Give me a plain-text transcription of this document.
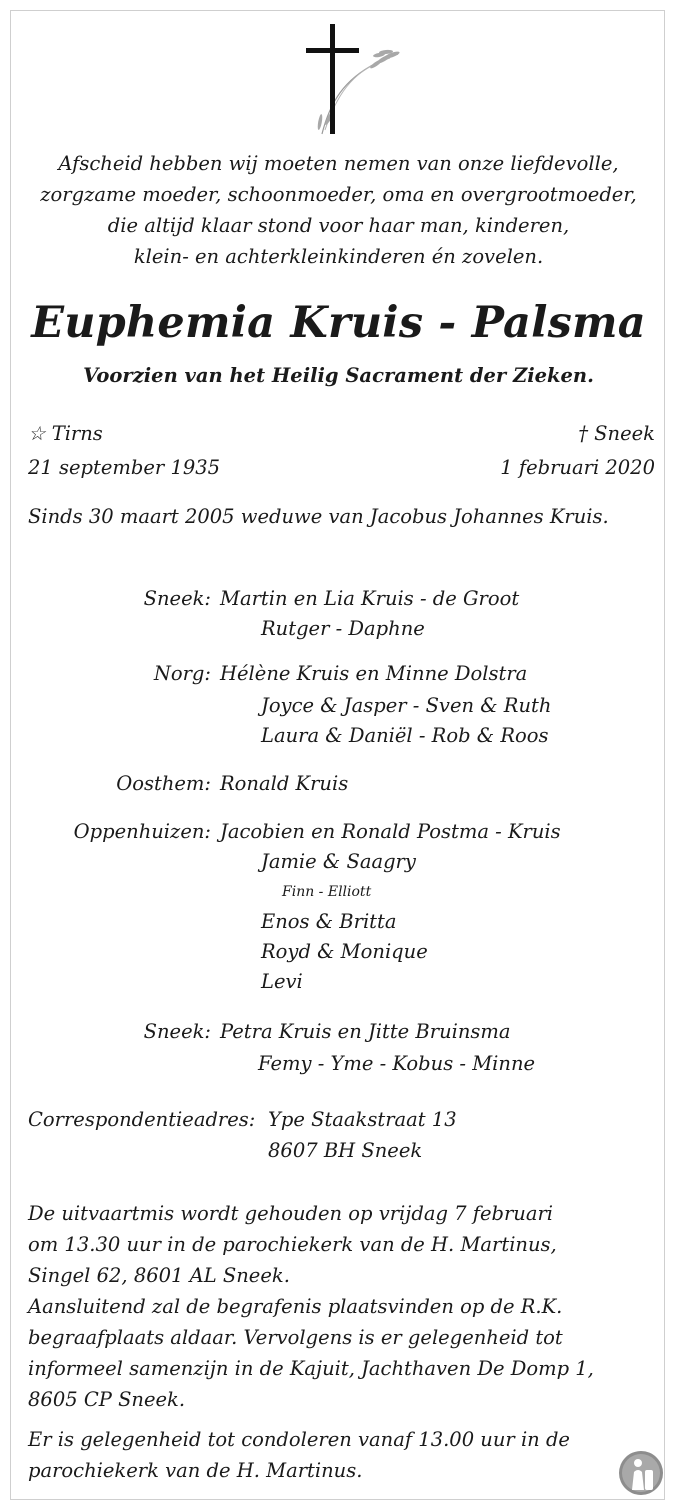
Afscheid hebben wij moeten nemen van onze liefdevolle,
zorgzame moeder, schoonmoeder, oma en overgrootmoeder,
die altijd klaar stond voor haar man, kinderen,
klein- en achterkleinkinderen én zovelen.
Euphemia Kruis - Palsma
Voorzien van het Heilig Sacrament der Zieken.
☆ Tirns
21 september 1935
† Sneek
1 februari 2020
Sinds 30 maart 2005 weduwe van Jacobus Johannes Kruis.
Sneek: Martin en Lia Kruis - de Groot
Rutger - Daphne
Norg: Hélène Kruis en Minne Dolstra
Joyce & Jasper - Sven & Ruth
Laura & Daniël - Rob & Roos
Oosthem: Ronald Kruis
Oppenhuizen: Jacobien en Ronald Postma - Kruis
Jamie & Saagry
Finn - Elliott
Enos & Britta
Royd & Monique
Levi
Sneek: Petra Kruis en Jitte Bruinsma
Femy - Yme - Kobus - Minne
Correspondentieadres: Ype Staakstraat 13
8607 BH Sneek
De uitvaartmis wordt gehouden op vrijdag 7 februari
om 13.30 uur in de parochiekerk van de H. Martinus,
Singel 62, 8601 AL Sneek.
Aansluitend zal de begrafenis plaatsvinden op de R.K.
begraafplaats aldaar. Vervolgens is er gelegenheid tot
informeel samenzijn in de Kajuit, Jachthaven De Domp 1,
8605 CP Sneek.
Er is gelegenheid tot condoleren vanaf 13.00 uur in de
parochiekerk van de H. Martinus.
